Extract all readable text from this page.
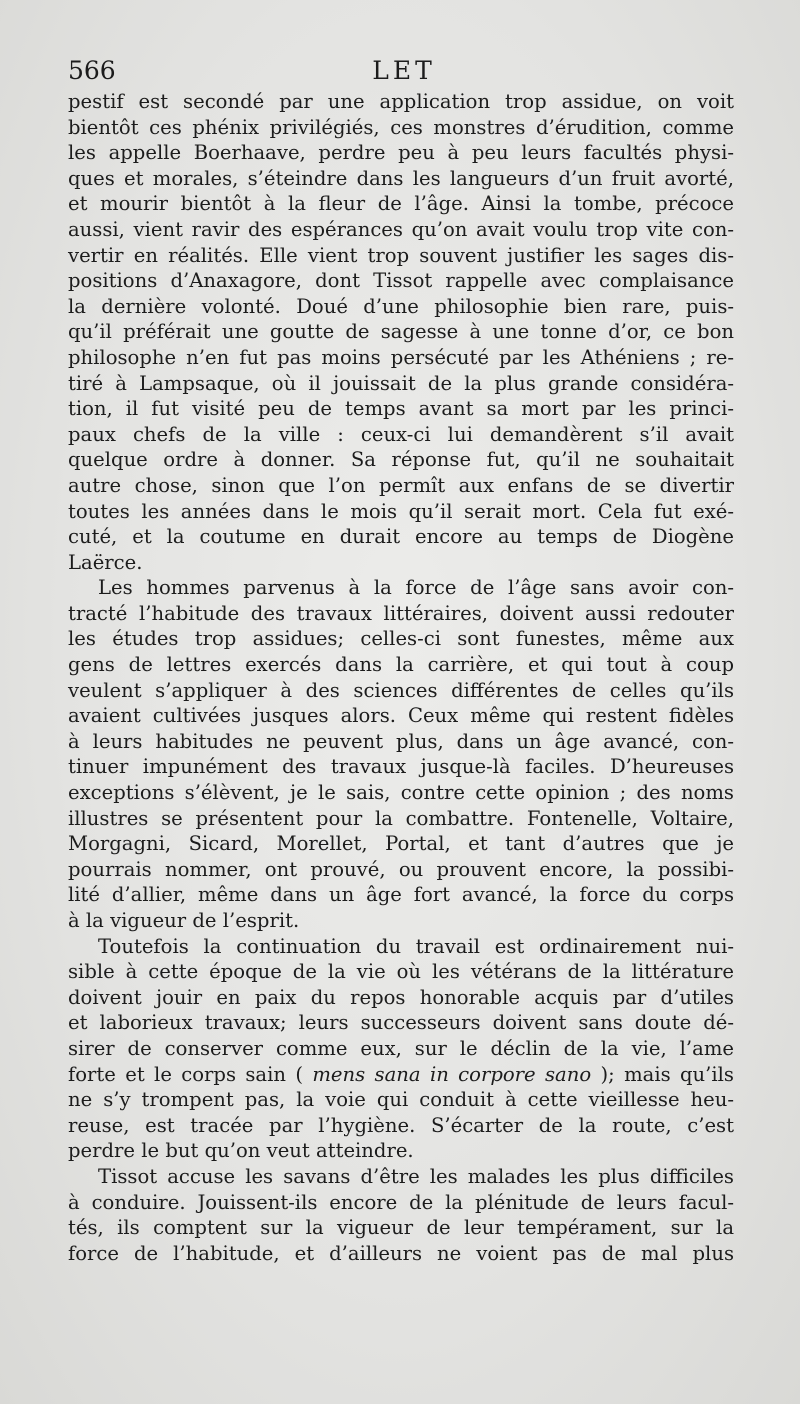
566	LET
pestif est secondé par une application trop assidue, on voit
bientôt ces phénix privilégiés, ces monstres d’érudition, comme
les appelle Boerhaave, perdre peu à peu leurs facultés physi-
ques et morales, s’éteindre dans les langueurs d’un fruit avorté,
et mourir bientôt à la fleur de l’âge. Ainsi la tombe, précoce
aussi, vient ravir des espérances qu’on avait voulu trop vite con-
vertir en réalités. Elle vient trop souvent justifier les sages dis-
positions d’Anaxagore, dont Tissot rappelle avec complaisance
la dernière volonté. Doué d’une philosophie bien rare, puis-
qu’il préférait une goutte de sagesse à une tonne d’or, ce bon
philosophe n’en fut pas moins persécuté par les Athéniens ; re-
tiré à Lampsaque, où il jouissait de la plus grande considéra-
tion, il fut visité peu de temps avant sa mort par les princi-
paux chefs de la ville : ceux-ci lui demandèrent s’il avait
quelque ordre à donner. Sa réponse fut, qu’il ne souhaitait
autre chose, sinon que l’on permît aux enfans de se divertir
toutes les années dans le mois qu’il serait mort. Cela fut exé-
cuté, et la coutume en durait encore au temps de Diogène
Laërce.
Les hommes parvenus à la force de l’âge sans avoir con-
tracté l’habitude des travaux littéraires, doivent aussi redouter
les études trop assidues; celles-ci sont funestes, même aux
gens de lettres exercés dans la carrière, et qui tout à coup
veulent s’appliquer à des sciences différentes de celles qu’ils
avaient cultivées jusques alors. Ceux même qui restent fidèles
à leurs habitudes ne peuvent plus, dans un âge avancé, con-
tinuer impunément des travaux jusque-là faciles. D’heureuses
exceptions s’élèvent, je le sais, contre cette opinion ; des noms
illustres se présentent pour la combattre. Fontenelle, Voltaire,
Morgagni, Sicard, Morellet, Portal, et tant d’autres que je
pourrais nommer, ont prouvé, ou prouvent encore, la possibi-
lité d’allier, même dans un âge fort avancé, la force du corps
à la vigueur de l’esprit.
Toutefois la continuation du travail est ordinairement nui-
sible à cette époque de la vie où les vétérans de la littérature
doivent jouir en paix du repos honorable acquis par d’utiles
et laborieux travaux; leurs successeurs doivent sans doute dé-
sirer de conserver comme eux, sur le déclin de la vie, l’ame
forte et le corps sain ( mens sana in corpore sano ); mais qu’ils
ne s’y trompent pas, la voie qui conduit à cette vieillesse heu-
reuse, est tracée par l’hygiène. S’écarter de la route, c’est
perdre le but qu’on veut atteindre.
Tissot accuse les savans d’être les malades les plus difficiles
à conduire. Jouissent-ils encore de la plénitude de leurs facul-
tés, ils comptent sur la vigueur de leur tempérament, sur la
force de l’habitude, et d’ailleurs ne voient pas de mal plus
